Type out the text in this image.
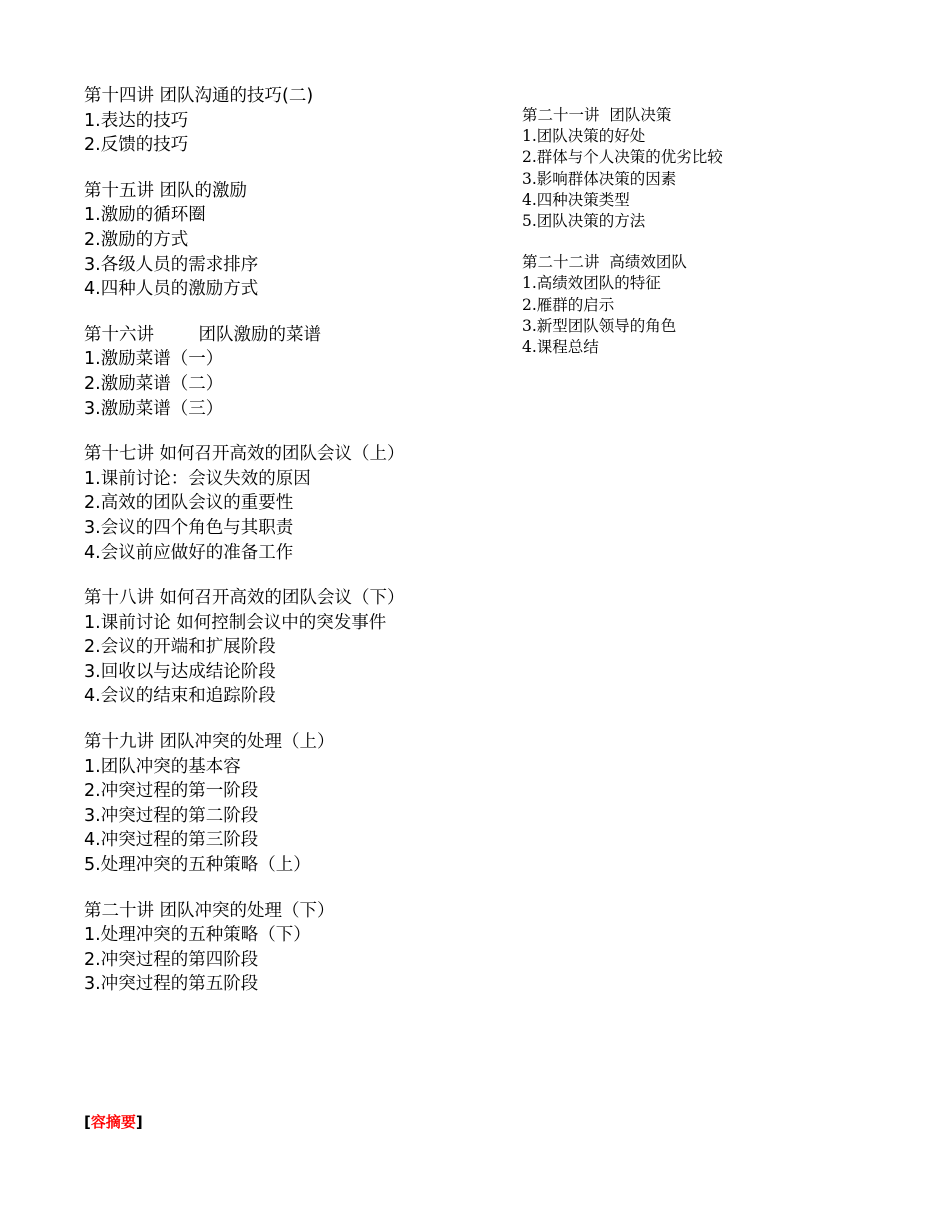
第十四讲 团队沟通的技巧(二)
1.表达的技巧
2.反馈的技巧
第十五讲 团队的激励
1.激励的循环圈
2.激励的方式
3.各级人员的需求排序
4.四种人员的激励方式
第十六讲        团队激励的菜谱
1.激励菜谱（一）
2.激励菜谱（二）
3.激励菜谱（三）
第十七讲 如何召开高效的团队会议（上）
1.课前讨论：会议失效的原因
2.高效的团队会议的重要性
3.会议的四个角色与其职责
4.会议前应做好的准备工作
第十八讲 如何召开高效的团队会议（下）
1.课前讨论 如何控制会议中的突发事件
2.会议的开端和扩展阶段
3.回收以与达成结论阶段
4.会议的结束和追踪阶段
第十九讲 团队冲突的处理（上）
1.团队冲突的基本容
2.冲突过程的第一阶段
3.冲突过程的第二阶段
4.冲突过程的第三阶段
5.处理冲突的五种策略（上）
第二十讲 团队冲突的处理（下）
1.处理冲突的五种策略（下）
2.冲突过程的第四阶段
3.冲突过程的第五阶段
第二十一讲  团队决策
1.团队决策的好处
2.群体与个人决策的优劣比较
3.影响群体决策的因素
4.四种决策类型
5.团队决策的方法
第二十二讲  高绩效团队
1.高绩效团队的特征
2.雁群的启示
3.新型团队领导的角色
4.课程总结
[容摘要]
